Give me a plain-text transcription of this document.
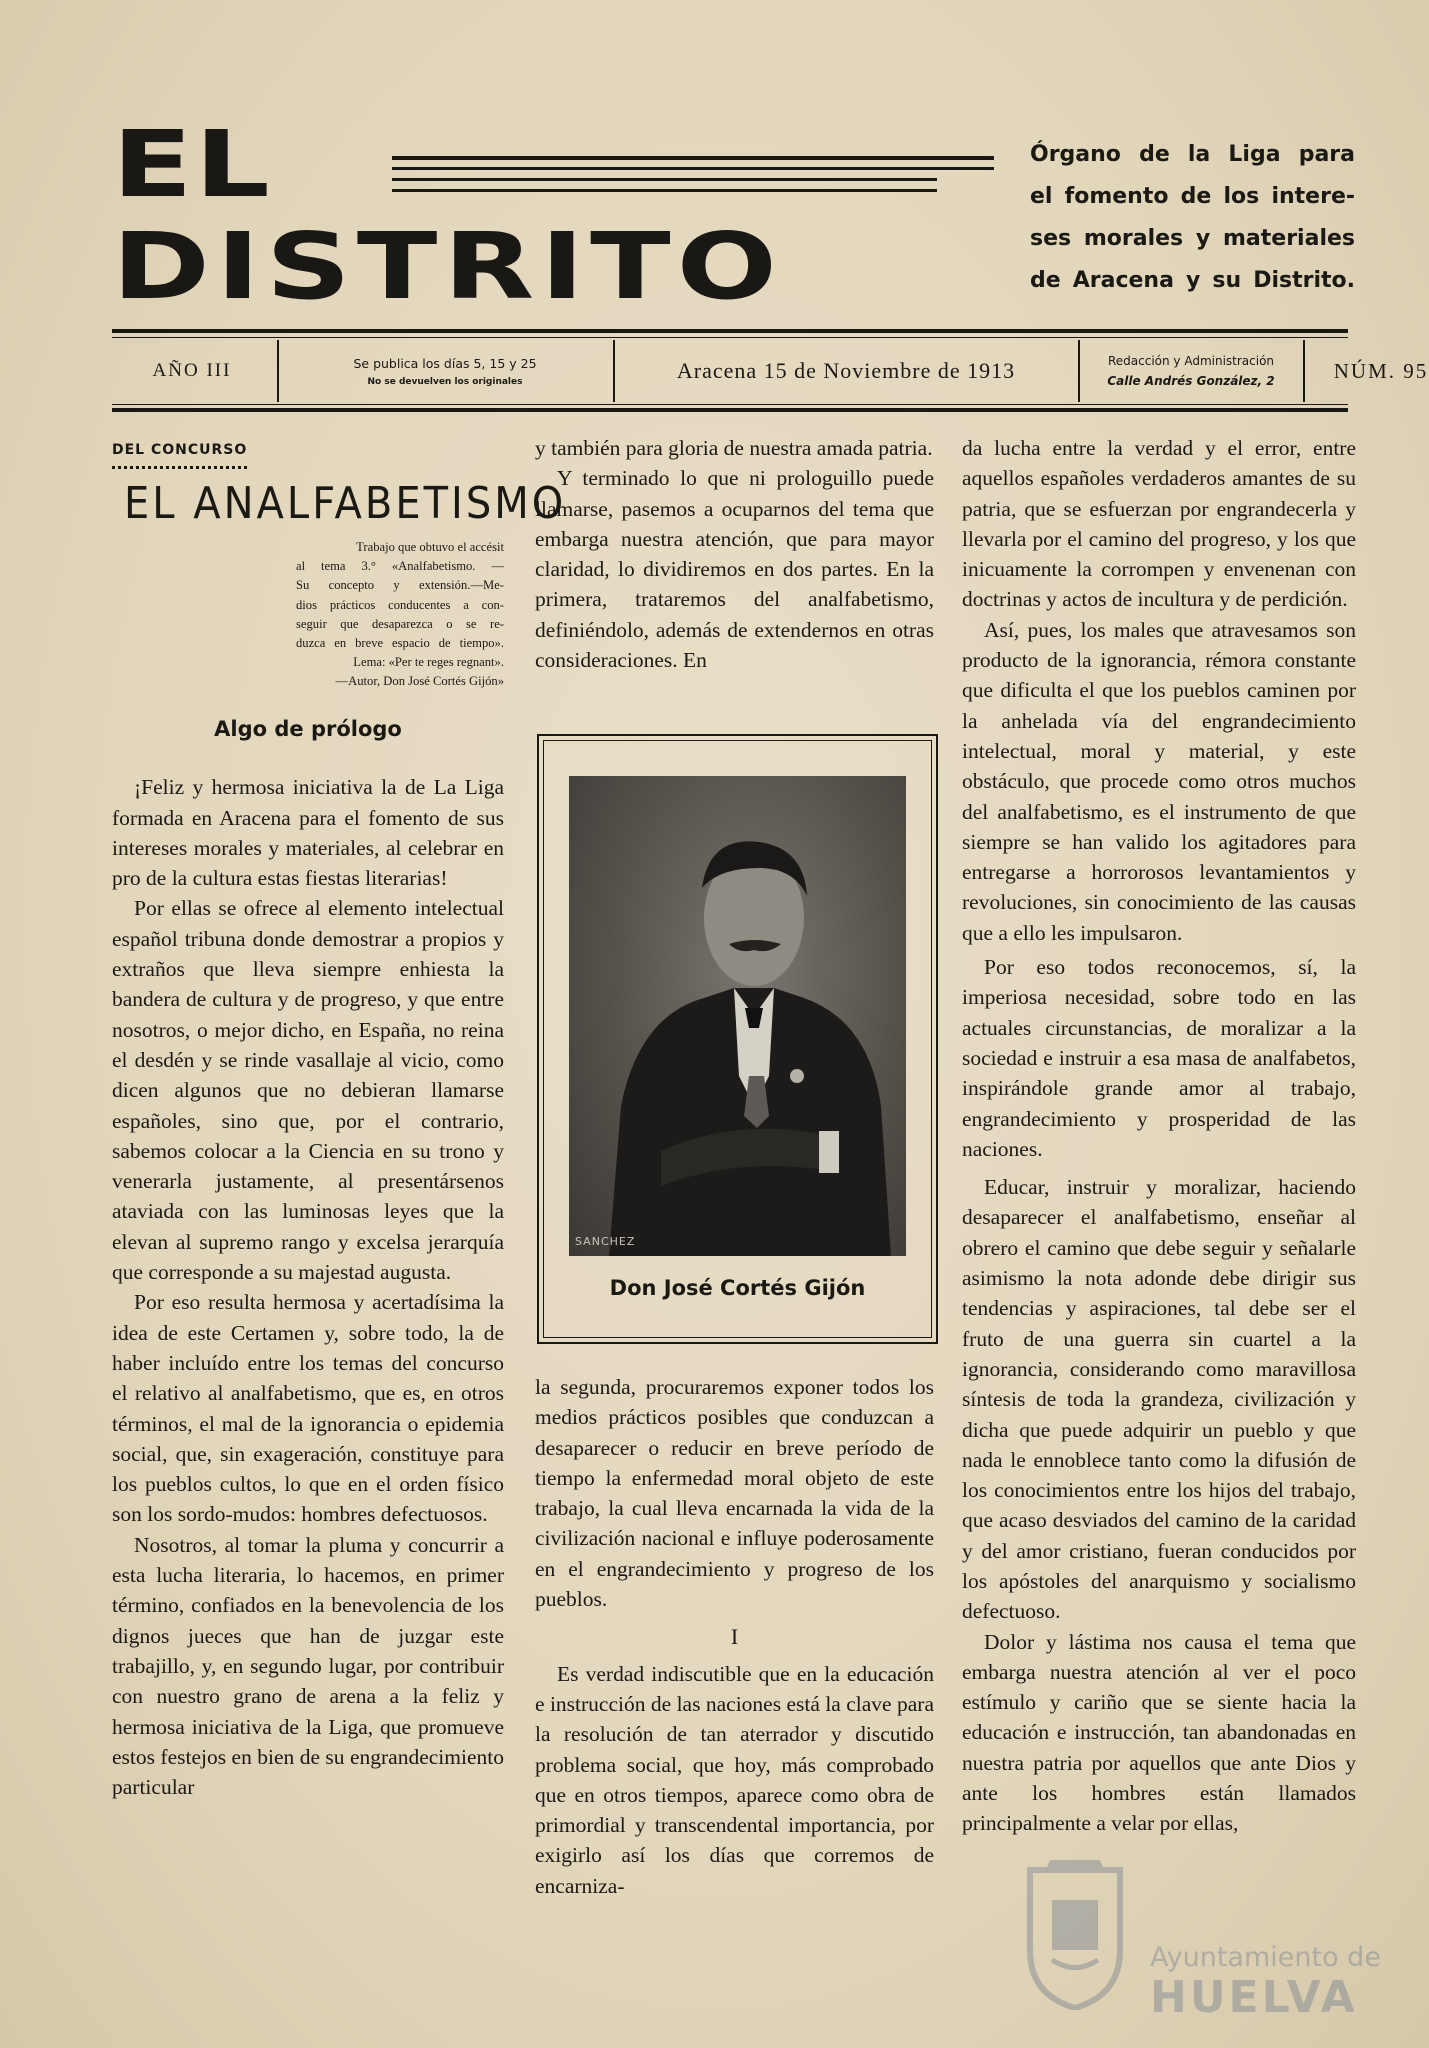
EL
DISTRITO
Órgano de la Liga para
el fomento de los intere-
ses morales y materiales
de Aracena y su Distrito.
AÑO III	Se publica los días 5, 15 y 25
No se devuelven los originales	Aracena 15 de Noviembre de 1913	Redacción y Administración
Calle Andrés González, 2	NÚM. 95
DEL CONCURSO
EL ANALFABETISMO
Trabajo que obtuvo el accésit
al tema 3.° «Analfabetismo. —
Su concepto y extensión.—Me-
dios prácticos conducentes a con-
seguir que desaparezca o se re-
duzca en breve espacio de tiempo».
Lema: «Per te reges regnant».
—Autor, Don José Cortés Gijón»
Algo de prólogo

¡Feliz y hermosa iniciativa la de La Liga formada en Aracena para el fomento de sus intereses morales y materiales, al celebrar en pro de la cultura estas fiestas literarias!

Por ellas se ofrece al elemento intelectual español tribuna donde demostrar a propios y extraños que lleva siempre enhiesta la bandera de cultura y de progreso, y que entre nosotros, o mejor dicho, en España, no reina el desdén y se rinde vasallaje al vicio, como dicen algunos que no debieran llamarse españoles, sino que, por el contrario, sabemos colocar a la Ciencia en su trono y venerarla justamente, al presentársenos ataviada con las luminosas leyes que la elevan al supremo rango y excelsa jerarquía que corresponde a su majestad augusta.

Por eso resulta hermosa y acertadísima la idea de este Certamen y, sobre todo, la de haber incluído entre los temas del concurso el relativo al analfabetismo, que es, en otros términos, el mal de la ignorancia o epidemia social, que, sin exageración, constituye para los pueblos cultos, lo que en el orden físico son los sordo-mudos: hombres defectuosos.

Nosotros, al tomar la pluma y concurrir a esta lucha literaria, lo hacemos, en primer término, confiados en la benevolencia de los dignos jueces que han de juzgar este trabajillo, y, en segundo lugar, por contribuir con nuestro grano de arena a la feliz y hermosa iniciativa de la Liga, que promueve estos festejos en bien de su engrandecimiento particular

y también para gloria de nuestra amada patria.

Y terminado lo que ni prologuillo puede llamarse, pasemos a ocuparnos del tema que embarga nuestra atención, que para mayor claridad, lo dividiremos en dos partes. En la primera, trataremos del analfabetismo, definiéndolo, además de extendernos en otras consideraciones. En

SANCHEZ
Don José Cortés Gijón

la segunda, procuraremos exponer todos los medios prácticos posibles que conduzcan a desaparecer o reducir en breve período de tiempo la enfermedad moral objeto de este trabajo, la cual lleva encarnada la vida de la civilización nacional e influye poderosamente en el engrandecimiento y progreso de los pueblos.

I

Es verdad indiscutible que en la educación e instrucción de las naciones está la clave para la resolución de tan aterrador y discutido problema social, que hoy, más comprobado que en otros tiempos, aparece como obra de primordial y transcendental importancia, por exigirlo así los días que corremos de encarniza-

da lucha entre la verdad y el error, entre aquellos españoles verdaderos amantes de su patria, que se esfuerzan por engrandecerla y llevarla por el camino del progreso, y los que inicuamente la corrompen y envenenan con doctrinas y actos de incultura y de perdición.

Así, pues, los males que atravesamos son producto de la ignorancia, rémora constante que dificulta el que los pueblos caminen por la anhelada vía del engrandecimiento intelectual, moral y material, y este obstáculo, que procede como otros muchos del analfabetismo, es el instrumento de que siempre se han valido los agitadores para entregarse a horrorosos levantamientos y revoluciones, sin conocimiento de las causas que a ello les impulsaron.

Por eso todos reconocemos, sí, la imperiosa necesidad, sobre todo en las actuales circunstancias, de moralizar a la sociedad e instruir a esa masa de analfabetos, inspirándole grande amor al trabajo, engrandecimiento y prosperidad de las naciones.

Educar, instruir y moralizar, haciendo desaparecer el analfabetismo, enseñar al obrero el camino que debe seguir y señalarle asimismo la nota adonde debe dirigir sus tendencias y aspiraciones, tal debe ser el fruto de una guerra sin cuartel a la ignorancia, considerando como maravillosa síntesis de toda la grandeza, civilización y dicha que puede adquirir un pueblo y que nada le ennoblece tanto como la difusión de los conocimientos entre los hijos del trabajo, que acaso desviados del camino de la caridad y del amor cristiano, fueran conducidos por los apóstoles del anarquismo y socialismo defectuoso.

Dolor y lástima nos causa el tema que embarga nuestra atención al ver el poco estímulo y cariño que se siente hacia la educación e instrucción, tan abandonadas en nuestra patria por aquellos que ante Dios y ante los hombres están llamados principalmente a velar por ellas,

Ayuntamiento de
HUELVA
